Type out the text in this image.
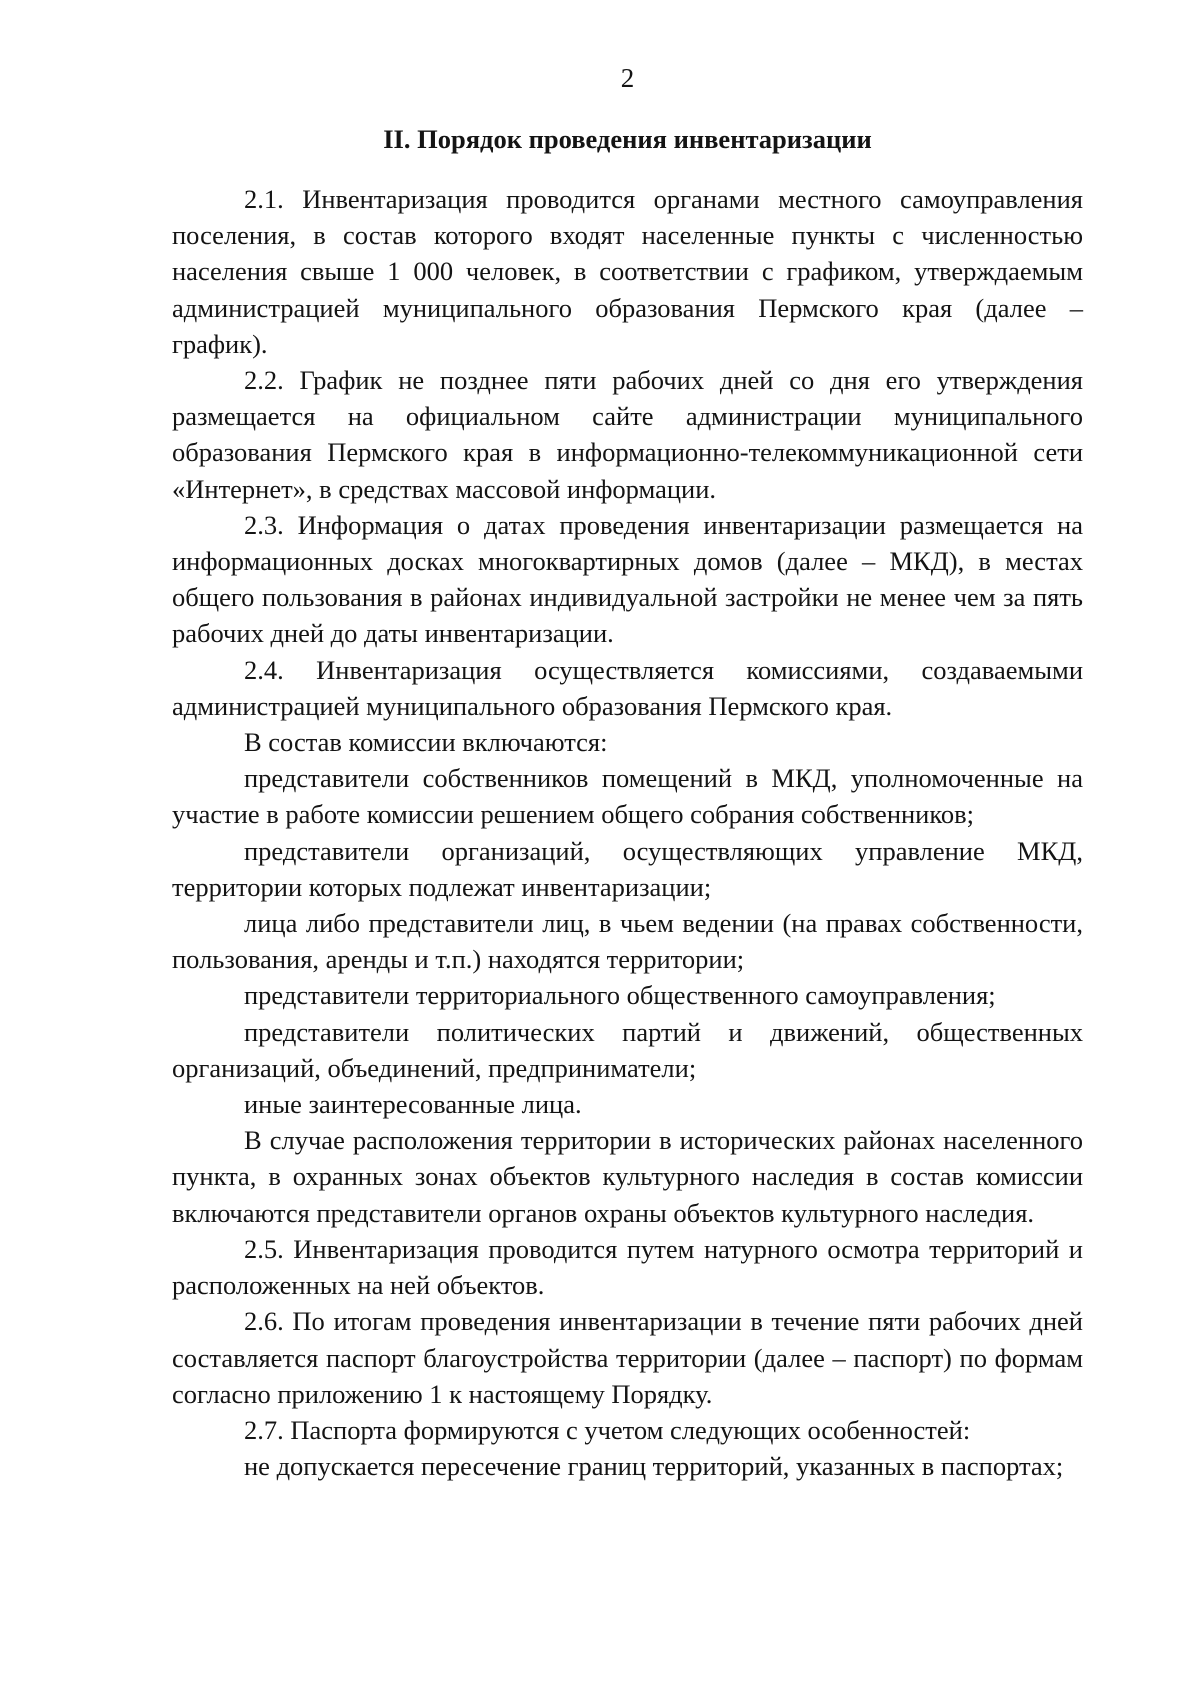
2
II. Порядок проведения инвентаризации

2.1. Инвентаризация проводится органами местного самоуправления поселения, в состав которого входят населенные пункты с численностью населения свыше 1 000 человек, в соответствии с графиком, утверждаемым администрацией муниципального образования Пермского края (далее – график).

2.2. График не позднее пяти рабочих дней со дня его утверждения размещается на официальном сайте администрации муниципального образования Пермского края в информационно-телекоммуникационной сети «Интернет», в средствах массовой информации.

2.3. Информация о датах проведения инвентаризации размещается на информационных досках многоквартирных домов (далее – МКД), в местах общего пользования в районах индивидуальной застройки не менее чем за пять рабочих дней до даты инвентаризации.

2.4. Инвентаризация осуществляется комиссиями, создаваемыми администрацией муниципального образования Пермского края.

В состав комиссии включаются:

представители собственников помещений в МКД, уполномоченные на участие в работе комиссии решением общего собрания собственников;

представители организаций, осуществляющих управление МКД, территории которых подлежат инвентаризации;

лица либо представители лиц, в чьем ведении (на правах собственности, пользования, аренды и т.п.) находятся территории;

представители территориального общественного самоуправления;

представители политических партий и движений, общественных организаций, объединений, предприниматели;

иные заинтересованные лица.

В случае расположения территории в исторических районах населенного пункта, в охранных зонах объектов культурного наследия в состав комиссии включаются представители органов охраны объектов культурного наследия.

2.5. Инвентаризация проводится путем натурного осмотра территорий и расположенных на ней объектов.

2.6. По итогам проведения инвентаризации в течение пяти рабочих дней составляется паспорт благоустройства территории (далее – паспорт) по формам согласно приложению 1 к настоящему Порядку.

2.7. Паспорта формируются с учетом следующих особенностей:

не допускается пересечение границ территорий, указанных в паспортах;
